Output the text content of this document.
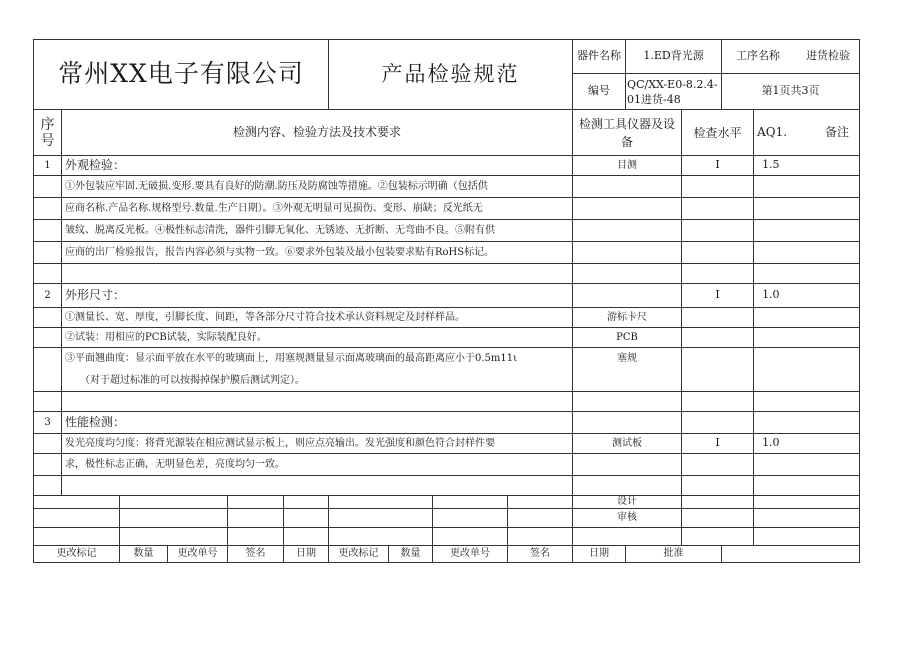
常州XX电子有限公司						产品检验规范				器件名称	1.ED背光源		工序名称 进货检验	
										编号	QC/XX-E0-8.2.4-01进货-48		第1页共3页	
序号	检测内容、检验方法及技术要求									检测工具仪器及设备		检查水平		AQ1. 备注
1	外观检验：									目测		I		1.5
	①外包装应牢固.无破损.变形.要具有良好的防潮.防压及防腐蚀等措施。②包装标示明确（包括供													
	应商名称.产品名称.规格型号.数量.生产日期）。③外观无明显可见损伤、变形、崩缺；反光纸无													
	皱纹、脱离反光板。④极性标志清洗，器件引脚无氧化、无锈迹、无折断、无弯曲不良。⑤附有供													
	应商的出厂检验报告，报告内容必须与实物一致。⑥要求外包装及最小包装要求贴有RoHS标记。													

2	外形尺寸：											I		1.0
	①测量长、宽、厚度，引脚长度、间距，等各部分尺寸符合技术承认资料规定及封样样品。									游标卡尺				
	②试装：用相应的PCB试装，实际装配良好。									PCB				
	③平面翘曲度：显示面平放在水平的玻璃面上，用塞规测量显示面离玻璃面的最高距离应小于0.5m11ι									塞规				
	（对于超过标准的可以按揭掉保护膜后测试判定）。													

3	性能检测：													
	发光亮度均匀度：将背光源装在相应测试显示板上，则应点亮输出。发光强度和颜色符合封样件要									测试板		I		1.0
	求，极性标志正确，无明显色差，亮度均匀一致。													

										设计				
										审核				

更改标记		数量	更改单号	签名	日期	更改标记	数量	更改单号	签名	日期	批准			
